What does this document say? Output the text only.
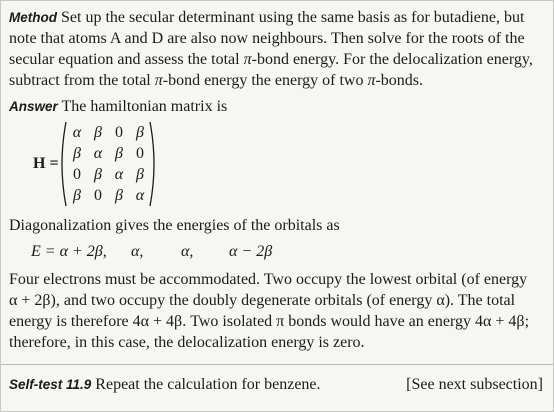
Method Set up the secular determinant using the same basis as for butadiene, but

note that atoms A and D are also now neighbours. Then solve for the roots of the

secular equation and assess the total π-bond energy. For the delocalization energy,

subtract from the total π-bond energy the energy of two π-bonds.

Answer The hamiltonian matrix is

H =
α β 0 β
β α β 0
0 β α β
β 0 β α

Diagonalization gives the energies of the orbitals as

E = α + 2β, α, α, α − 2β

Four electrons must be accommodated. Two occupy the lowest orbital (of energy

α + 2β), and two occupy the doubly degenerate orbitals (of energy α). The total

energy is therefore 4α + 4β. Two isolated π bonds would have an energy 4α + 4β;

therefore, in this case, the delocalization energy is zero.

Self-test 11.9 Repeat the calculation for benzene.	[See next subsection]
